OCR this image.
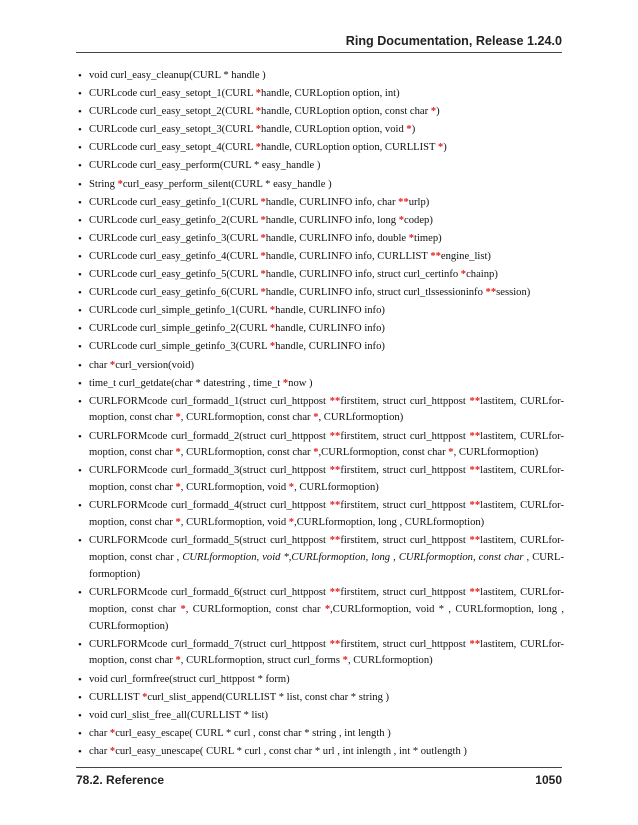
Ring Documentation, Release 1.24.0
• void curl_easy_cleanup(CURL * handle )
• CURLcode curl_easy_setopt_1(CURL *handle, CURLoption option, int)
• CURLcode curl_easy_setopt_2(CURL *handle, CURLoption option, const char *)
• CURLcode curl_easy_setopt_3(CURL *handle, CURLoption option, void *)
• CURLcode curl_easy_setopt_4(CURL *handle, CURLoption option, CURLLIST *)
• CURLcode curl_easy_perform(CURL * easy_handle )
• String *curl_easy_perform_silent(CURL * easy_handle )
• CURLcode curl_easy_getinfo_1(CURL *handle, CURLINFO info, char **urlp)
• CURLcode curl_easy_getinfo_2(CURL *handle, CURLINFO info, long *codep)
• CURLcode curl_easy_getinfo_3(CURL *handle, CURLINFO info, double *timep)
• CURLcode curl_easy_getinfo_4(CURL *handle, CURLINFO info, CURLLIST **engine_list)
• CURLcode curl_easy_getinfo_5(CURL *handle, CURLINFO info, struct curl_certinfo *chainp)
• CURLcode curl_easy_getinfo_6(CURL *handle, CURLINFO info, struct curl_tlssessioninfo **session)
• CURLcode curl_simple_getinfo_1(CURL *handle, CURLINFO info)
• CURLcode curl_simple_getinfo_2(CURL *handle, CURLINFO info)
• CURLcode curl_simple_getinfo_3(CURL *handle, CURLINFO info)
• char *curl_version(void)
• time_t curl_getdate(char * datestring , time_t *now )
• CURLFORMcode curl_formadd_1(struct curl_httppost **firstitem, struct curl_httppost **lastitem, CURLfor-moption, const char *, CURLformoption, const char *, CURLformoption)
• CURLFORMcode curl_formadd_2(struct curl_httppost **firstitem, struct curl_httppost **lastitem, CURLfor-moption, const char *, CURLformoption, const char *,CURLformoption, const char *, CURLformoption)
• CURLFORMcode curl_formadd_3(struct curl_httppost **firstitem, struct curl_httppost **lastitem, CURLfor-moption, const char *, CURLformoption, void *, CURLformoption)
• CURLFORMcode curl_formadd_4(struct curl_httppost **firstitem, struct curl_httppost **lastitem, CURLfor-moption, const char *, CURLformoption, void *,CURLformoption, long , CURLformoption)
• CURLFORMcode curl_formadd_5(struct curl_httppost **firstitem, struct curl_httppost **lastitem, CURLfor-moption, const char , CURLformoption, void *,CURLformoption, long , CURLformoption, const char , CURL-formoption)
• CURLFORMcode curl_formadd_6(struct curl_httppost **firstitem, struct curl_httppost **lastitem, CURLfor-moption, const char *, CURLformoption, const char *,CURLformoption, void * , CURLformoption, long , CURLformoption)
• CURLFORMcode curl_formadd_7(struct curl_httppost **firstitem, struct curl_httppost **lastitem, CURLfor-moption, const char *, CURLformoption, struct curl_forms *, CURLformoption)
• void curl_formfree(struct curl_httppost * form)
• CURLLIST *curl_slist_append(CURLLIST * list, const char * string )
• void curl_slist_free_all(CURLLIST * list)
• char *curl_easy_escape( CURL * curl , const char * string , int length )
• char *curl_easy_unescape( CURL * curl , const char * url , int inlength , int * outlength )
78.2. Reference	1050
